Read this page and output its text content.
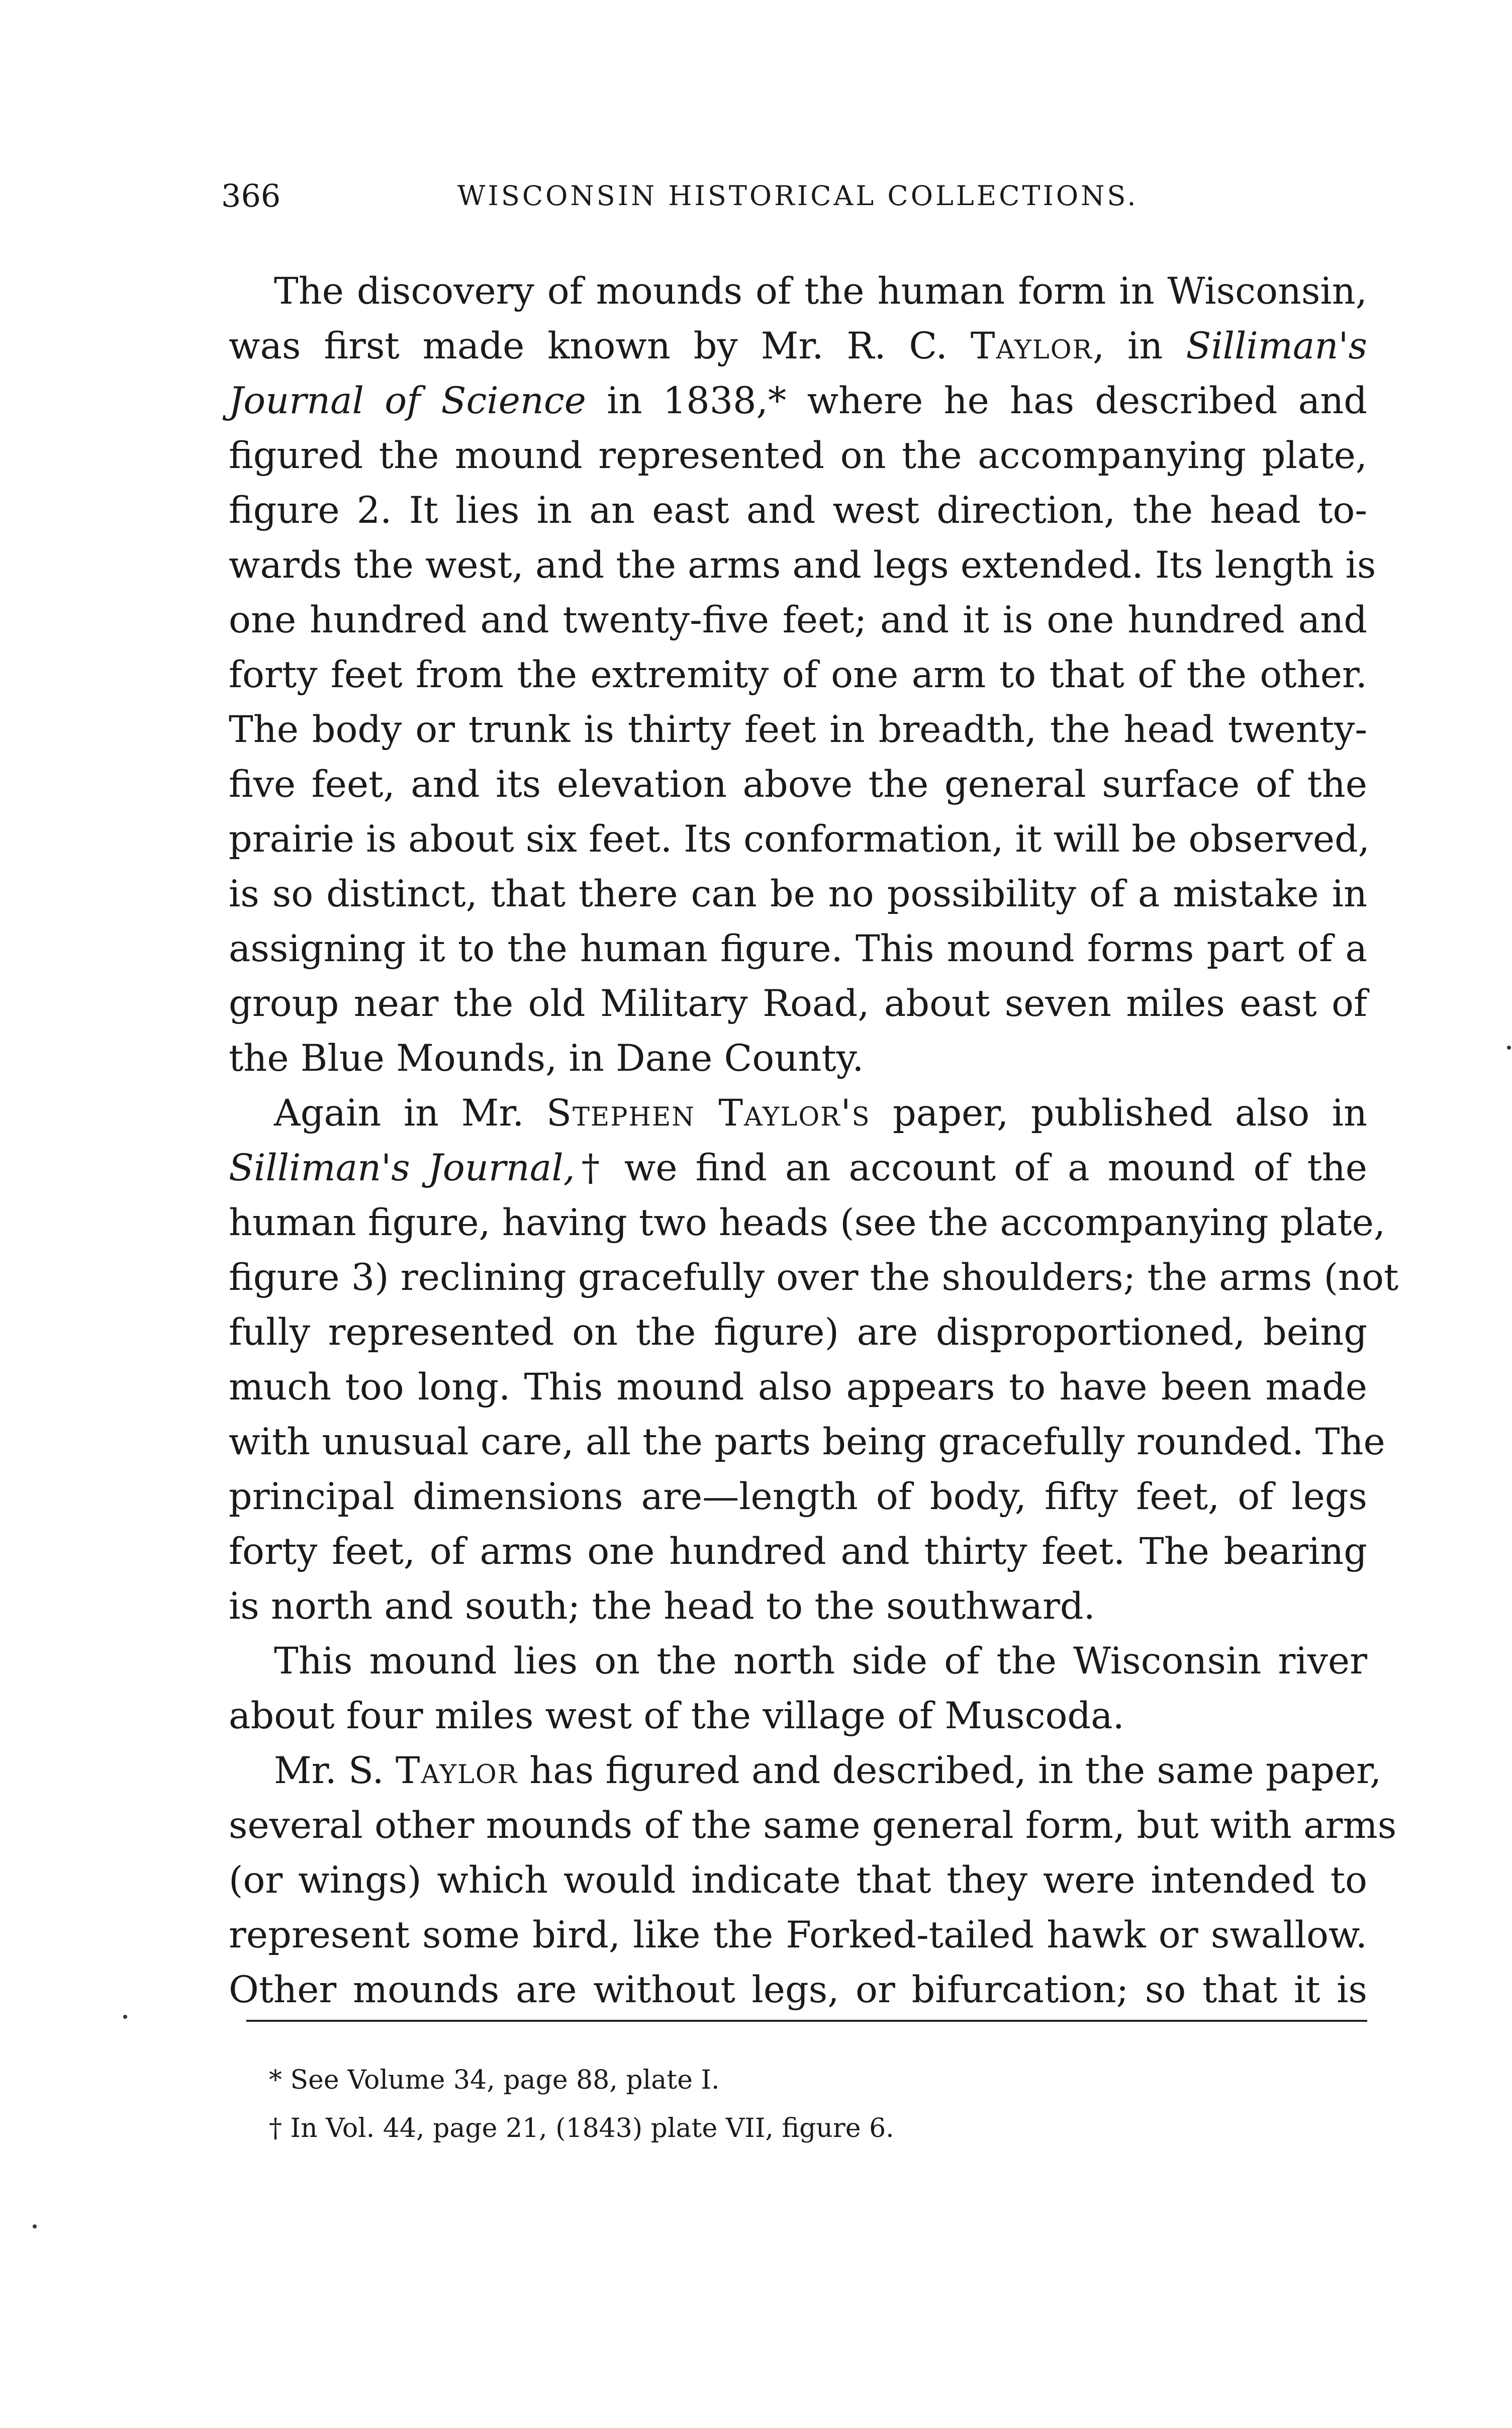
366	WISCONSIN HISTORICAL COLLECTIONS.
The discovery of mounds of the human form in Wisconsin,
was first made known by Mr. R. C. Taylor, in Silliman's
Journal of Science in 1838,* where he has described and
figured the mound represented on the accompanying plate,
figure 2. It lies in an east and west direction, the head to-
wards the west, and the arms and legs extended. Its length is
one hundred and twenty-five feet; and it is one hundred and
forty feet from the extremity of one arm to that of the other.
The body or trunk is thirty feet in breadth, the head twenty-
five feet, and its elevation above the general surface of the
prairie is about six feet. Its conformation, it will be observed,
is so distinct, that there can be no possibility of a mistake in
assigning it to the human figure. This mound forms part of a
group near the old Military Road, about seven miles east of
the Blue Mounds, in Dane County.
Again in Mr. Stephen Taylor's paper, published also in
Silliman's Journal,† we find an account of a mound of the
human figure, having two heads (see the accompanying plate,
figure 3) reclining gracefully over the shoulders; the arms (not
fully represented on the figure) are disproportioned, being
much too long. This mound also appears to have been made
with unusual care, all the parts being gracefully rounded. The
principal dimensions are—length of body, fifty feet, of legs
forty feet, of arms one hundred and thirty feet. The bearing
is north and south; the head to the southward.
This mound lies on the north side of the Wisconsin river
about four miles west of the village of Muscoda.
Mr. S. Taylor has figured and described, in the same paper,
several other mounds of the same general form, but with arms
(or wings) which would indicate that they were intended to
represent some bird, like the Forked-tailed hawk or swallow.
Other mounds are without legs, or bifurcation; so that it is
* See Volume 34, page 88, plate I.
† In Vol. 44, page 21, (1843) plate VII, figure 6.
